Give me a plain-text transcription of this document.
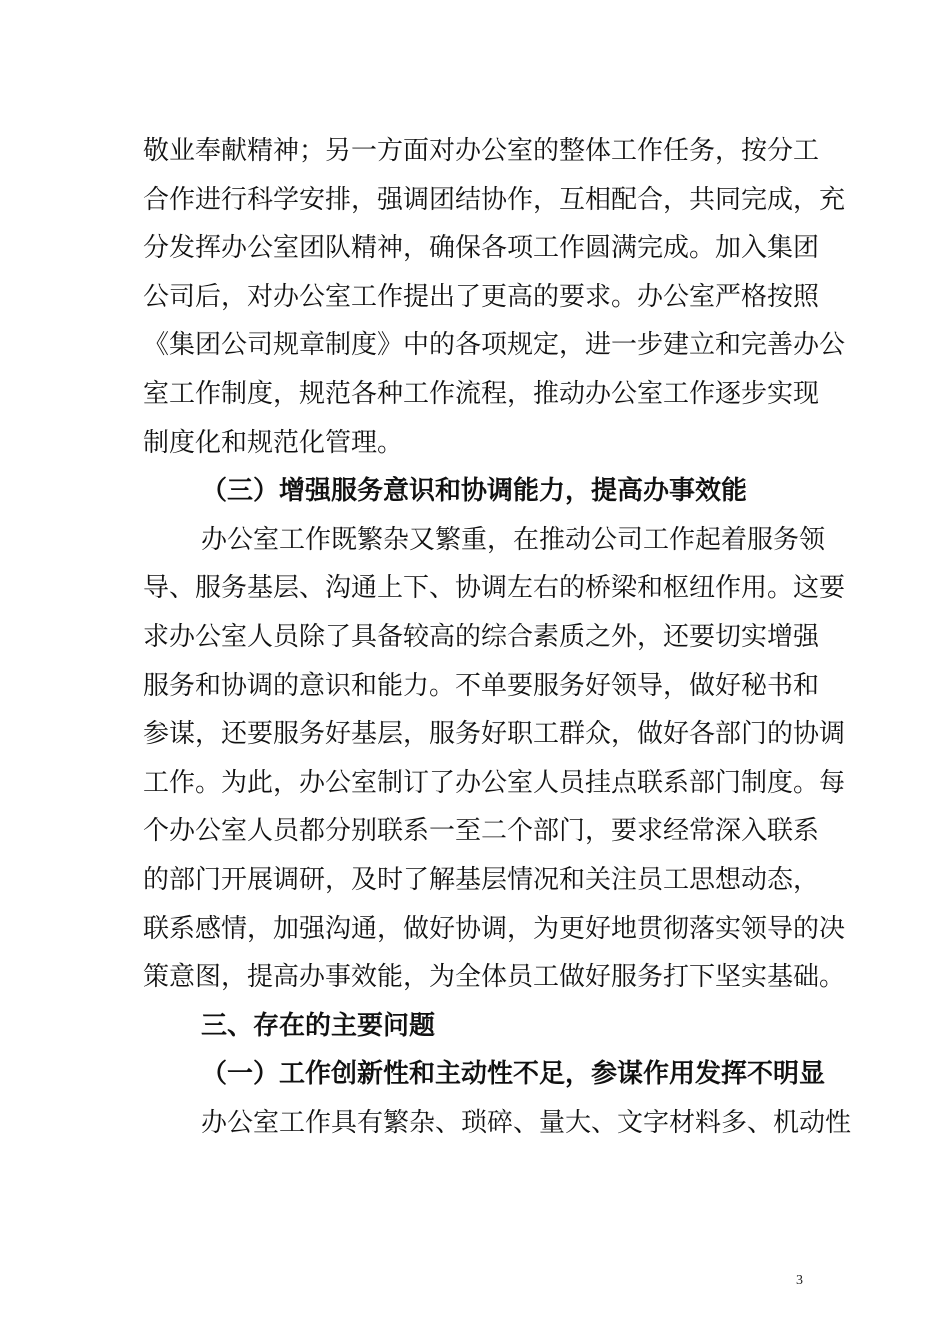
敬业奉献精神；另一方面对办公室的整体工作任务，按分工
合作进行科学安排，强调团结协作，互相配合，共同完成，充
分发挥办公室团队精神，确保各项工作圆满完成。加入集团
公司后，对办公室工作提出了更高的要求。办公室严格按照
《集团公司规章制度》中的各项规定，进一步建立和完善办公
室工作制度，规范各种工作流程，推动办公室工作逐步实现
制度化和规范化管理。
（三）增强服务意识和协调能力，提高办事效能
办公室工作既繁杂又繁重，在推动公司工作起着服务领
导、服务基层、沟通上下、协调左右的桥梁和枢纽作用。这要
求办公室人员除了具备较高的综合素质之外，还要切实增强
服务和协调的意识和能力。不单要服务好领导，做好秘书和
参谋，还要服务好基层，服务好职工群众，做好各部门的协调
工作。为此，办公室制订了办公室人员挂点联系部门制度。每
个办公室人员都分别联系一至二个部门，要求经常深入联系
的部门开展调研，及时了解基层情况和关注员工思想动态，
联系感情，加强沟通，做好协调，为更好地贯彻落实领导的决
策意图，提高办事效能，为全体员工做好服务打下坚实基础。
三、存在的主要问题
（一）工作创新性和主动性不足，参谋作用发挥不明显
办公室工作具有繁杂、琐碎、量大、文字材料多、机动性
3
